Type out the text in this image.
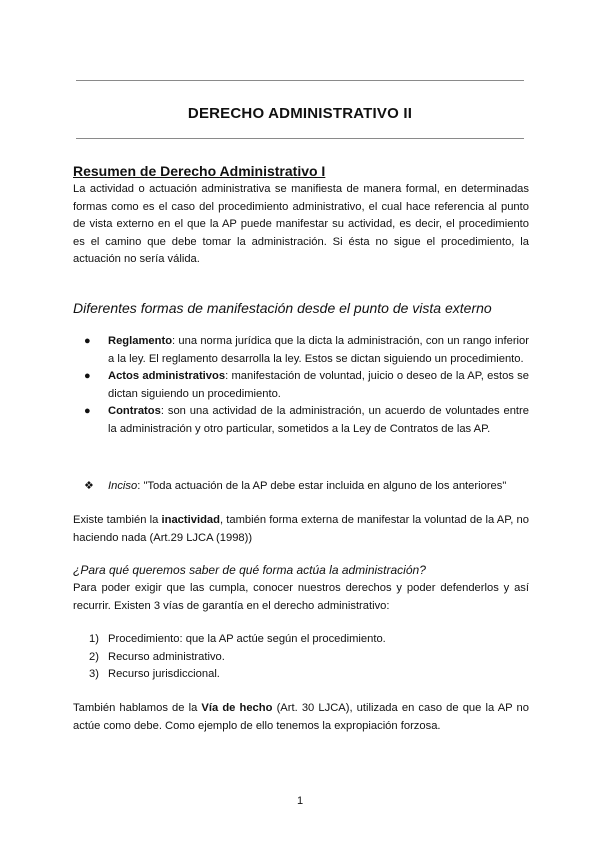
DERECHO ADMINISTRATIVO II
Resumen de Derecho Administrativo I
La actividad o actuación administrativa se manifiesta de manera formal, en determinadas formas como es el caso del procedimiento administrativo, el cual hace referencia al punto de vista externo en el que la AP puede manifestar su actividad, es decir, el procedimiento es el camino que debe tomar la administración. Si ésta no sigue el procedimiento, la actuación no sería válida.
Diferentes formas de manifestación desde el punto de vista externo
● Reglamento: una norma jurídica que la dicta la administración, con un rango inferior a la ley. El reglamento desarrolla la ley. Estos se dictan siguiendo un procedimiento.
● Actos administrativos: manifestación de voluntad, juicio o deseo de la AP, estos se dictan siguiendo un procedimiento.
● Contratos: son una actividad de la administración, un acuerdo de voluntades entre la administración y otro particular, sometidos a la Ley de Contratos de las AP.
❖ Inciso: "Toda actuación de la AP debe estar incluida en alguno de los anteriores"
Existe también la inactividad, también forma externa de manifestar la voluntad de la AP, no haciendo nada (Art.29 LJCA (1998))
¿Para qué queremos saber de qué forma actúa la administración?
Para poder exigir que las cumpla, conocer nuestros derechos y poder defenderlos y así recurrir. Existen 3 vías de garantía en el derecho administrativo:
1) Procedimiento: que la AP actúe según el procedimiento.
2) Recurso administrativo.
3) Recurso jurisdiccional.
También hablamos de la Vía de hecho (Art. 30 LJCA), utilizada en caso de que la AP no actúe como debe. Como ejemplo de ello tenemos la expropiación forzosa.
1
